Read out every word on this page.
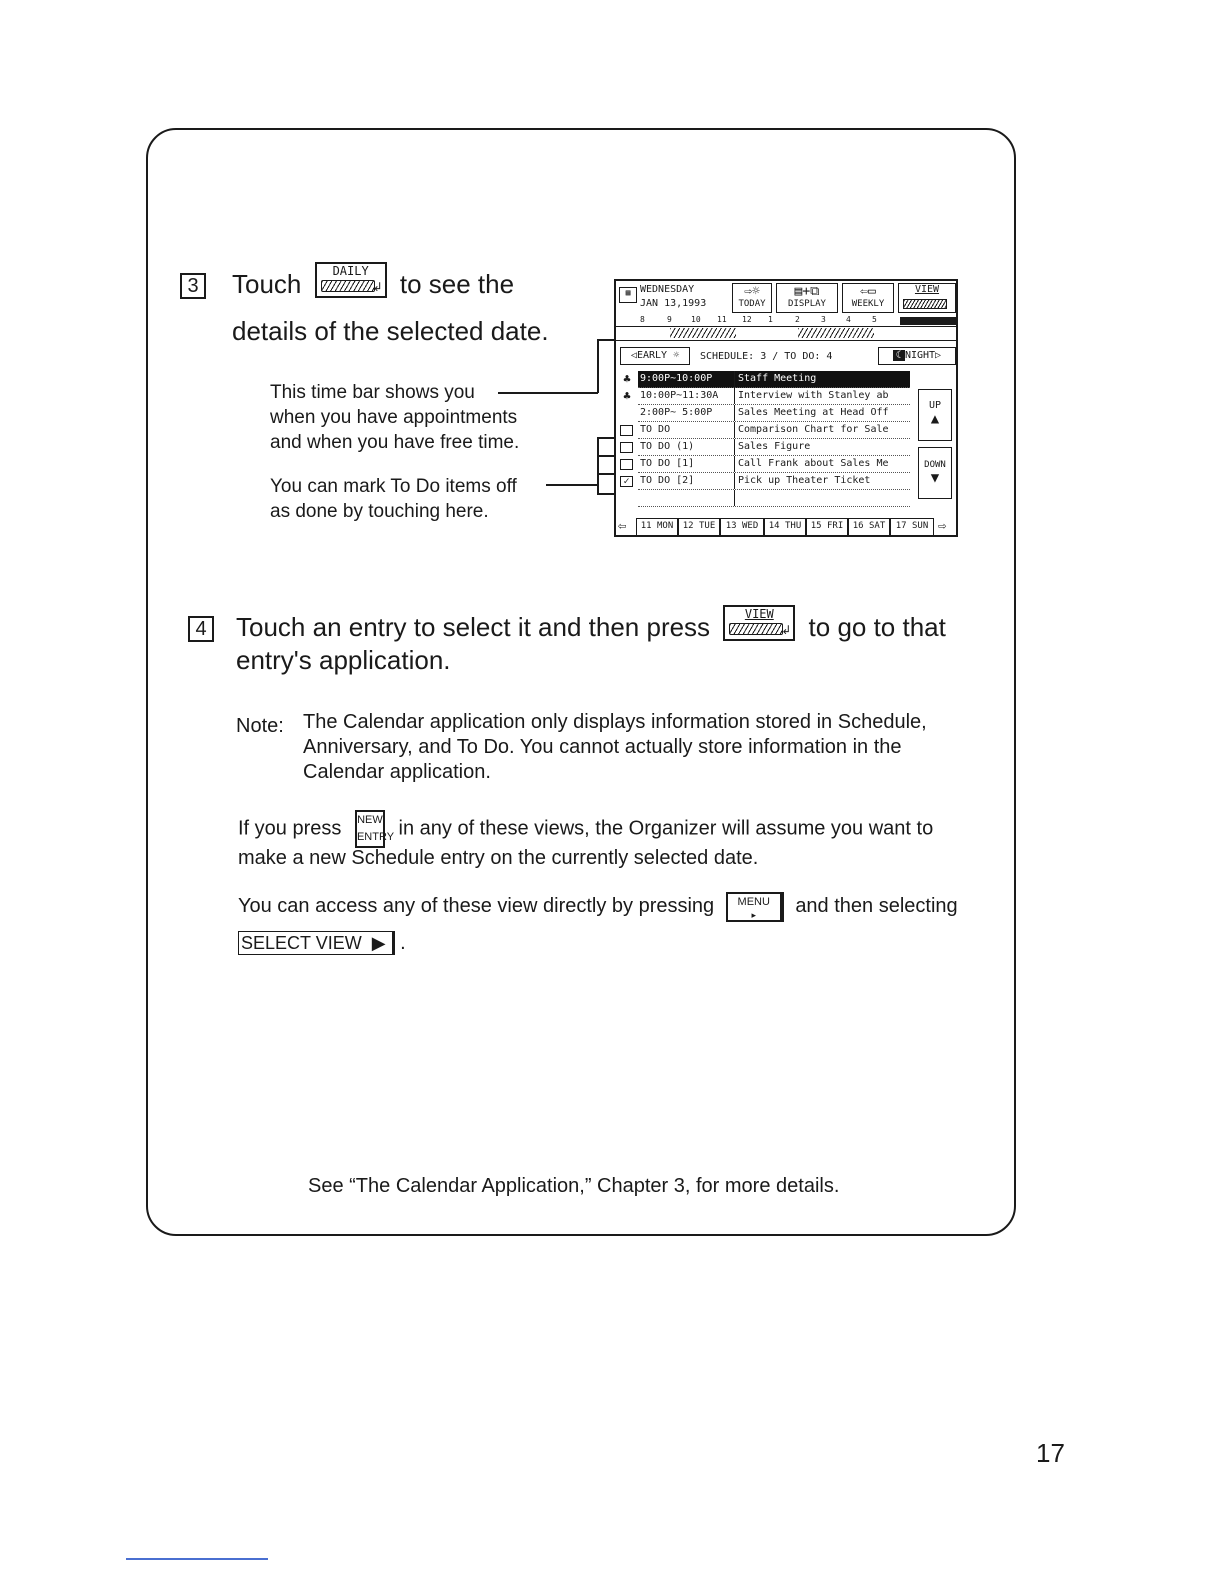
3 Touch	DAILY
↲ to see the
details of the selected date.
This time bar shows you
when you have appointments
and when you have free time.
You can mark To Do items off
as done by touching here.
▦ WEDNESDAY
JAN 13,1993
⇨☼
TODAY
▤+⧉
DISPLAY
⇦▭
WEEKLY
VIEW
8	9 10 11 12 1	2	3	4	5
◁EARLY ☼	SCHEDULE: 3 / TO DO: 4	☾ NIGHT▷
9:00P~10:00P	Staff Meeting
10:00P~11:30A	Interview with Stanley ab
2:00P~ 5:00P	Sales Meeting at Head Off
TO DO	Comparison Chart for Sale
TO DO (1)	Sales Figure
TO DO [1]	Call Frank about Sales Me
TO DO [2]	Pick up Theater Ticket
♣
♣
✓
UP
▲
DOWN
▼
⇦	11 MON	12 TUE	13 WED	14 THU	15 FRI	16 SAT	17 SUN ⇨
4 Touch an entry to select it and then press	VIEW
↲ to go to that
entry's application.
Note: The Calendar application only displays information stored in Schedule,
Anniversary, and To Do. You cannot actually store information in the
Calendar application.
If you press NEW
ENTRY in any of these views, the Organizer will assume you want to
make a new Schedule entry on the currently selected date.
You can access any of these view directly by pressing	MENU
▸	and then selecting
SELECT VIEW ▶ .
See “The Calendar Application,” Chapter 3, for more details.
17
